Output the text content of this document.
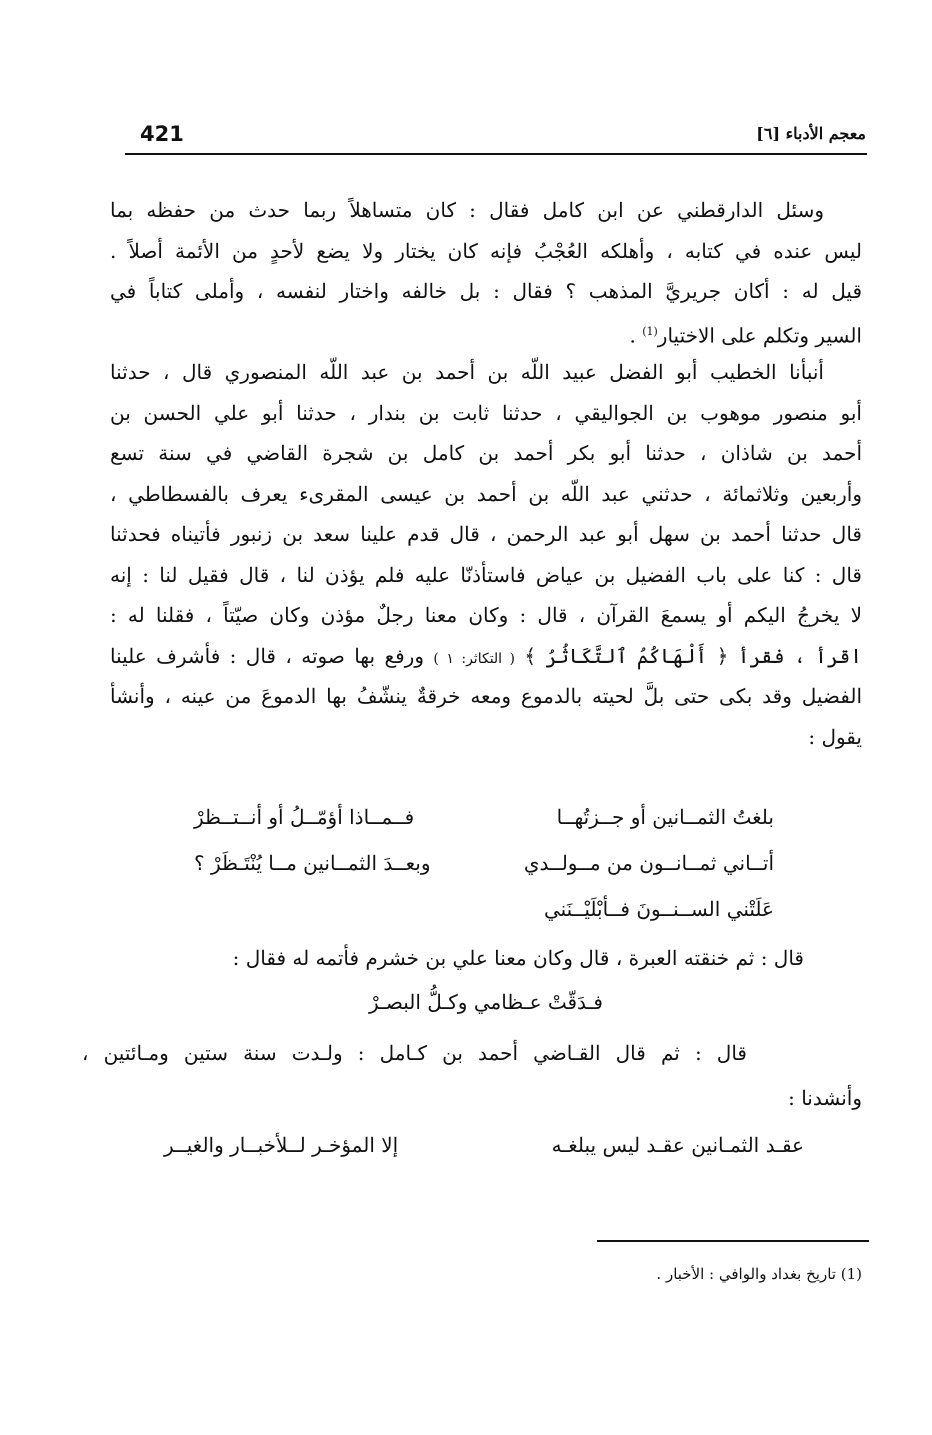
421	معجم الأدباء [٦]
وسئل الدارقطني عن ابن كامل فقال : كان متساهلاً ربما حدث من حفظه بما
ليس عنده في كتابه ، وأهلكه العُجْبُ فإنه كان يختار ولا يضع لأحدٍ من الأئمة أصلاً .
قيل له : أكان جريريَّ المذهب ؟ فقال : بل خالفه واختار لنفسه ، وأملى كتاباً في
السير وتكلم على الاختيار$^{(1)}$ .
أنبأنا الخطيب أبو الفضل عبيد اللّه بن أحمد بن عبد اللّه المنصوري قال ، حدثنا
أبو منصور موهوب بن الجواليقي ، حدثنا ثابت بن بندار ، حدثنا أبو علي الحسن بن
أحمد بن شاذان ، حدثنا أبو بكر أحمد بن كامل بن شجرة القاضي في سنة تسع
وأربعين وثلاثمائة ، حدثني عبد اللّه بن أحمد بن عيسى المقرىء يعرف بالفسطاطي ،
قال حدثنا أحمد بن سهل أبو عبد الرحمن ، قال قدم علينا سعد بن زنبور فأتيناه فحدثنا
قال : كنا على باب الفضيل بن عياض فاستأذنّا عليه فلم يؤذن لنا ، قال فقيل لنا : إنه
لا يخرجُ اليكم أو يسمعَ القرآن ، قال : وكان معنا رجلٌ مؤذن وكان صيّتاً ، فقلنا له :
اقرأ ، فقرأ ﴿ أَلْهَاكُمُ ٱلتَّكَاثُرُ ﴾ ( التكاثر: ١ ) ورفع بها صوته ، قال : فأشرف علينا
الفضيل وقد بكى حتى بلَّ لحيته بالدموع ومعه خرقةٌ ينشّفُ بها الدموعَ من عينه ، وأنشأ
يقول :
بلغتُ الثمــانين أو جــزتُهــا
فــمــاذا أؤمّــلُ أو أنــتــظرْ
أتــاني ثمــانــون من مــولــدي
وبعــدَ الثمــانين مــا يُنْتَـظَرْ ؟
عَلَتْني الســنــونَ فــأبْلَيْــنَني
قال : ثم خنقته العبرة ، قال وكان معنا علي بن خشرم فأتمه له فقال :
فـدَقّتْ عـظامي وكـلُّ البصـرْ
قال : ثم قال القـاضي أحمد بن كـامل : ولـدت سنة ستين ومـائتين ،
وأنشدنا :
عقـد الثمـانين عقـد ليس يبلغـه
إلا المؤخـر لــلأخبــار والغيــر
(1) تاريخ بغداد والوافي : الأخبار .
